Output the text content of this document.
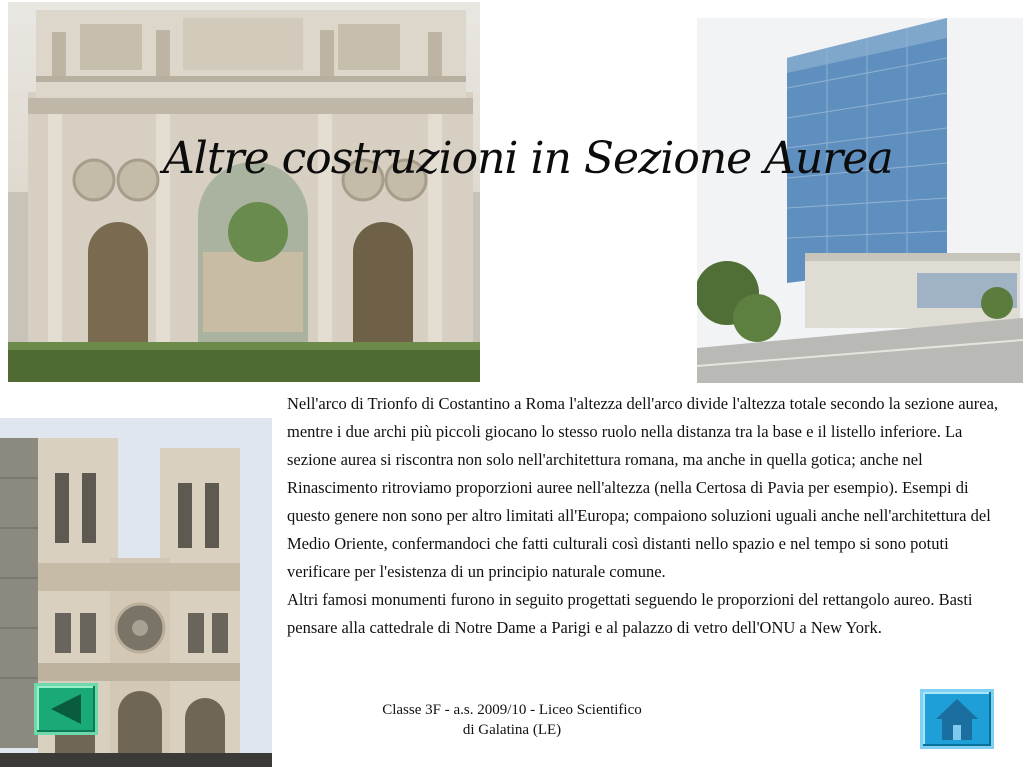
Altre costruzioni in Sezione Aurea

Nell'arco di Trionfo di Costantino a Roma l'altezza dell'arco divide l'altezza totale secondo la sezione aurea, mentre i due archi più piccoli giocano lo stesso ruolo nella distanza tra la base e il listello inferiore. La sezione aurea si riscontra non solo nell'architettura romana, ma anche in quella gotica; anche nel Rinascimento ritroviamo proporzioni auree nell'altezza (nella Certosa di Pavia per esempio). Esempi di questo genere non sono per altro limitati all'Europa; compaiono soluzioni uguali anche nell'architettura del Medio Oriente, confermandoci che fatti culturali così distanti nello spazio e nel tempo si sono potuti verificare per l'esistenza di un principio naturale comune.

Altri famosi monumenti furono in seguito progettati seguendo le proporzioni del rettangolo aureo. Basti pensare alla cattedrale di Notre Dame a Parigi e al palazzo di vetro dell'ONU a New York.

Classe 3F - a.s. 2009/10 - Liceo Scientifico
di Galatina (LE)
